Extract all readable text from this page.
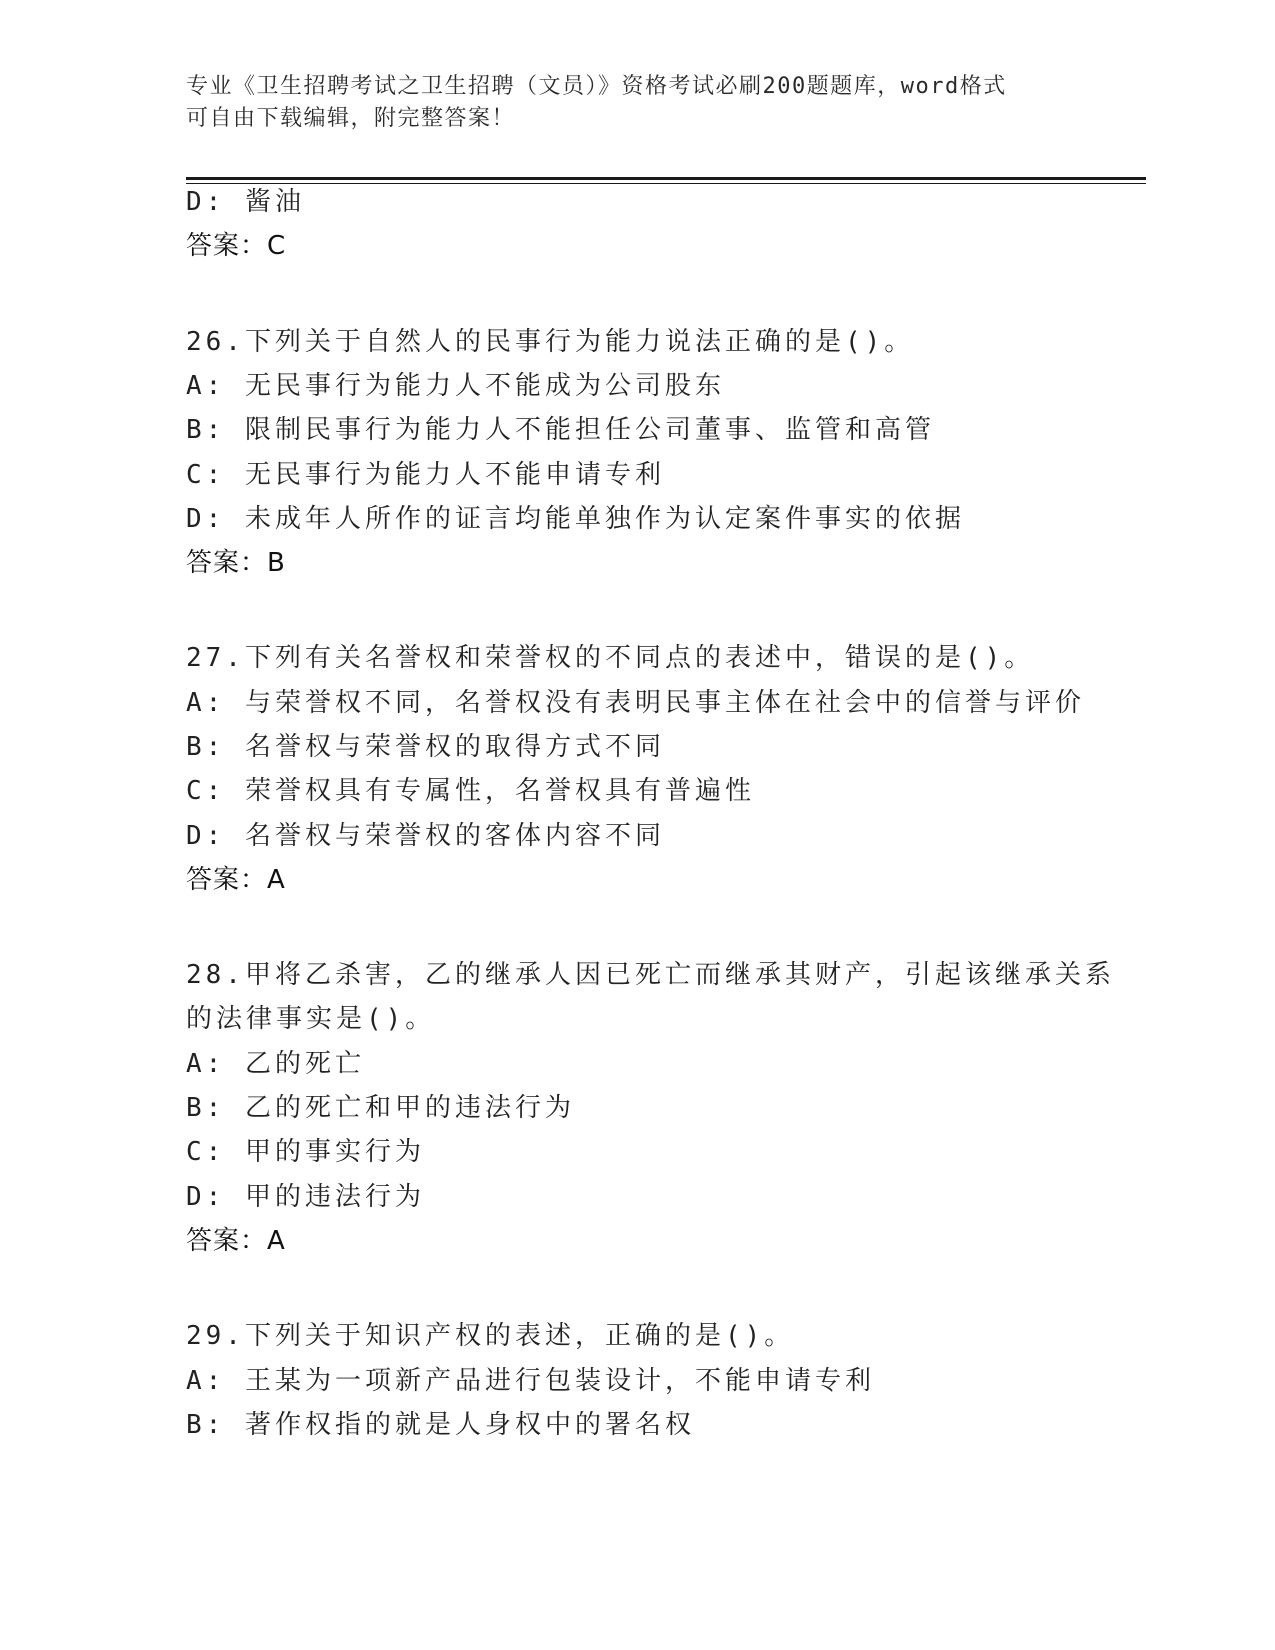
专业《卫生招聘考试之卫生招聘（文员）》资格考试必刷200题题库，word格式
可自由下载编辑，附完整答案！
D: 酱油
答案：C
26.下列关于自然人的民事行为能力说法正确的是()。
A: 无民事行为能力人不能成为公司股东
B: 限制民事行为能力人不能担任公司董事、监管和高管
C: 无民事行为能力人不能申请专利
D: 未成年人所作的证言均能单独作为认定案件事实的依据
答案：B
27.下列有关名誉权和荣誉权的不同点的表述中，错误的是()。
A: 与荣誉权不同，名誉权没有表明民事主体在社会中的信誉与评价
B: 名誉权与荣誉权的取得方式不同
C: 荣誉权具有专属性，名誉权具有普遍性
D: 名誉权与荣誉权的客体内容不同
答案：A
28.甲将乙杀害，乙的继承人因已死亡而继承其财产，引起该继承关系
的法律事实是()。
A: 乙的死亡
B: 乙的死亡和甲的违法行为
C: 甲的事实行为
D: 甲的违法行为
答案：A
29.下列关于知识产权的表述，正确的是()。
A: 王某为一项新产品进行包装设计，不能申请专利
B: 著作权指的就是人身权中的署名权
